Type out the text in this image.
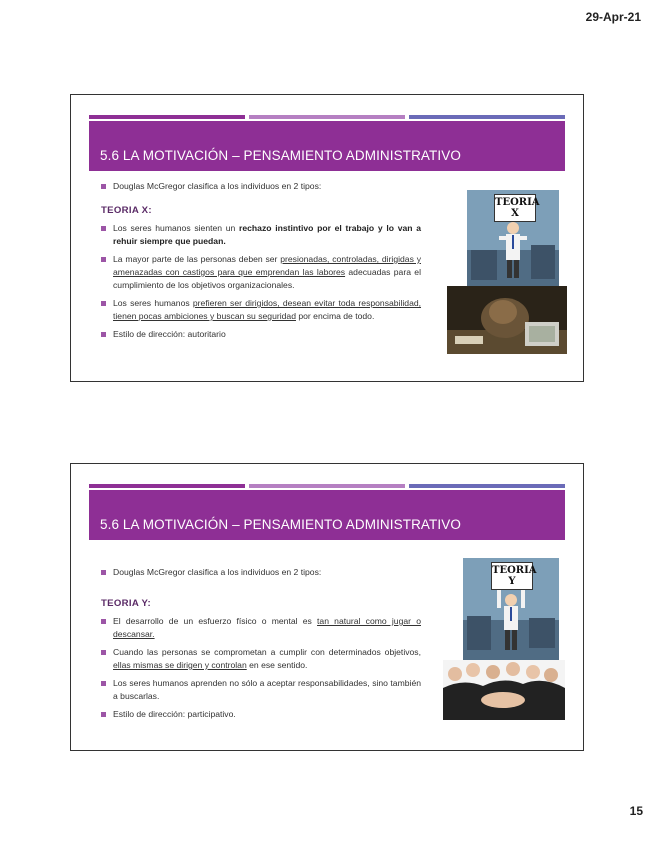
29-Apr-21
5.6 LA MOTIVACIÓN – PENSAMIENTO ADMINISTRATIVO
Douglas McGregor clasifica a los individuos en 2 tipos:
TEORIA X:
Los seres humanos sienten un rechazo instintivo por el trabajo y lo van a rehuir siempre que puedan.
La mayor parte de las personas deben ser presionadas, controladas, dirigidas y amenazadas con castigos para que emprendan las labores adecuadas para el cumplimiento de los objetivos organizacionales.
Los seres humanos prefieren ser dirigidos, desean evitar toda responsabilidad, tienen pocas ambiciones y buscan su seguridad por encima de todo.
Estilo de dirección: autoritario
TEORIA
X
5.6 LA MOTIVACIÓN – PENSAMIENTO ADMINISTRATIVO
Douglas McGregor clasifica a los individuos en 2 tipos:
TEORIA Y:
El desarrollo de un esfuerzo físico o mental es tan natural como jugar o descansar.
Cuando las personas se comprometan a cumplir con determinados objetivos, ellas mismas se dirigen y controlan en ese sentido.
Los seres humanos aprenden no sólo a aceptar responsabilidades, sino también a buscarlas.
Estilo de dirección: participativo.
TEORIA
Y
15
